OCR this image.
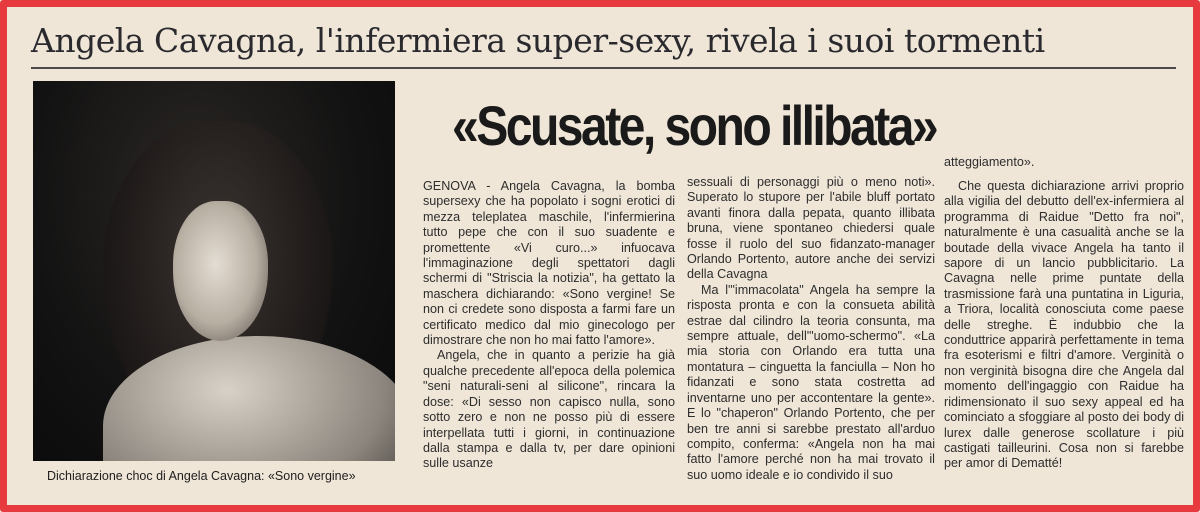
Angela Cavagna, l'infermiera super-sexy, rivela i suoi tormenti
Dichiarazione choc di Angela Cavagna: «Sono vergine»
«Scusate, sono illibata»

GENOVA - Angela Cavagna, la bomba supersexy che ha popolato i sogni erotici di mezza teleplatea maschile, l'infermierina tutto pepe che con il suo suadente e promettente «Vi curo...» infuocava l'immaginazione degli spettatori dagli schermi di "Striscia la notizia", ha gettato la maschera dichiarando: «Sono vergine! Se non ci credete sono disposta a farmi fare un certificato medico dal mio ginecologo per dimostrare che non ho mai fatto l'amore».

Angela, che in quanto a perizie ha già qualche precedente all'epoca della polemica "seni naturali-seni al silicone", rincara la dose: «Di sesso non capisco nulla, sono sotto zero e non ne posso più di essere interpellata tutti i giorni, in continuazione dalla stampa e dalla tv, per dare opinioni sulle usanze

sessuali di personaggi più o meno noti». Superato lo stupore per l'abile bluff portato avanti finora dalla pepata, quanto illibata bruna, viene spontaneo chiedersi quale fosse il ruolo del suo fidanzato-manager Orlando Portento, autore anche dei servizi della Cavagna

Ma l'"immacolata" Angela ha sempre la risposta pronta e con la consueta abilità estrae dal cilindro la teoria consunta, ma sempre attuale, dell'"uomo-schermo". «La mia storia con Orlando era tutta una montatura – cinguetta la fanciulla – Non ho fidanzati e sono stata costretta ad inventarne uno per accontentare la gente». E lo "chaperon" Orlando Portento, che per ben tre anni si sarebbe prestato all'arduo compito, conferma: «Angela non ha mai fatto l'amore perché non ha mai trovato il suo uomo ideale e io condivido il suo

atteggiamento».

Che questa dichiarazione arrivi proprio alla vigilia del debutto dell'ex-infermiera al programma di Raidue "Detto fra noi", naturalmente è una casualità anche se la boutade della vivace Angela ha tanto il sapore di un lancio pubblicitario. La Cavagna nelle prime puntate della trasmissione farà una puntatina in Liguria, a Triora, località conosciuta come paese delle streghe. È indubbio che la conduttrice apparirà perfettamente in tema fra esoterismi e filtri d'amore. Verginità o non verginità bisogna dire che Angela dal momento dell'ingaggio con Raidue ha ridimensionato il suo sexy appeal ed ha cominciato a sfoggiare al posto dei body di lurex dalle generose scollature i più castigati tailleurini. Cosa non si farebbe per amor di Dematté!
